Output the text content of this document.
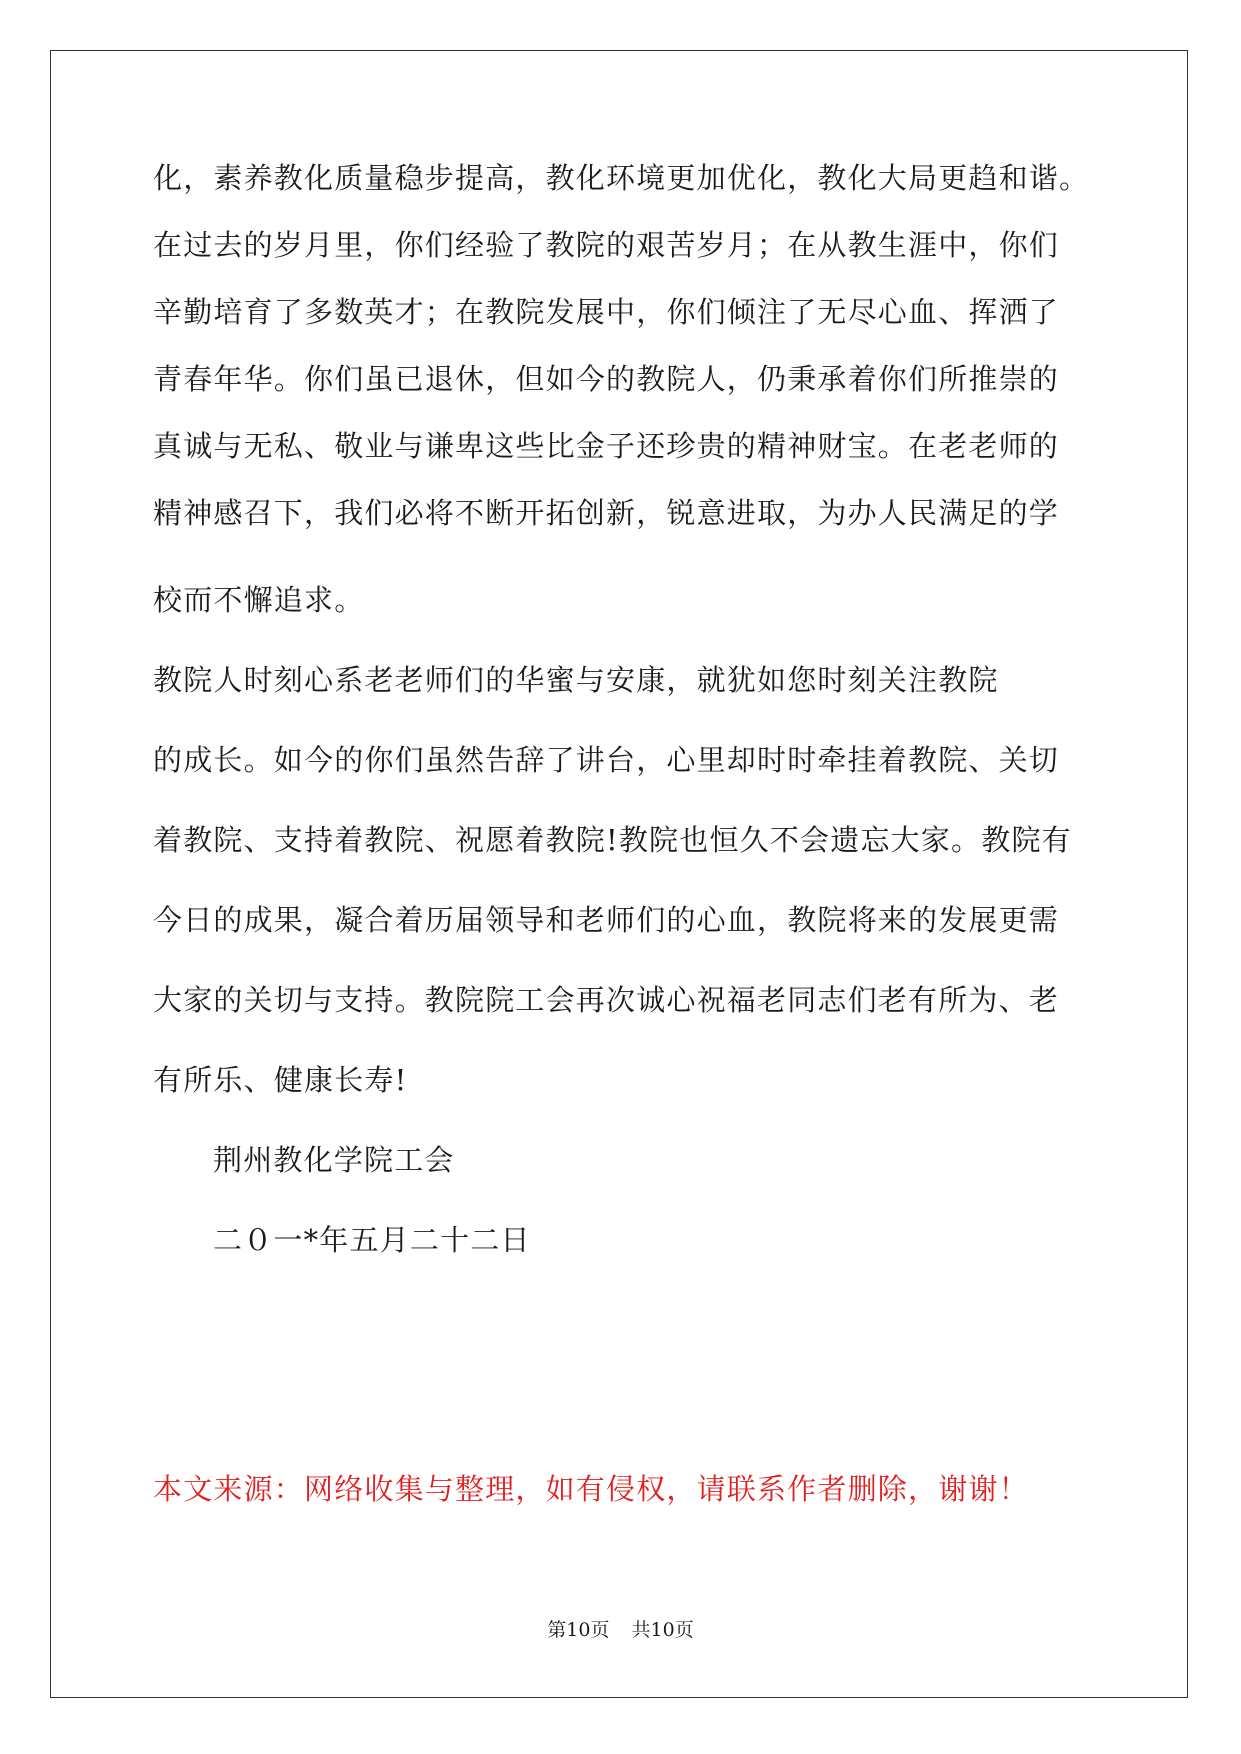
化，素养教化质量稳步提高，教化环境更加优化，教化大局更趋和谐。
在过去的岁月里，你们经验了教院的艰苦岁月；在从教生涯中，你们
辛勤培育了多数英才；在教院发展中，你们倾注了无尽心血、挥洒了
青春年华。你们虽已退休，但如今的教院人，仍秉承着你们所推崇的
真诚与无私、敬业与谦卑这些比金子还珍贵的精神财宝。在老老师的
精神感召下，我们必将不断开拓创新，锐意进取，为办人民满足的学
校而不懈追求。
教院人时刻心系老老师们的华蜜与安康，就犹如您时刻关注教院
的成长。如今的你们虽然告辞了讲台，心里却时时牵挂着教院、关切
着教院、支持着教院、祝愿着教院!教院也恒久不会遗忘大家。教院有
今日的成果，凝合着历届领导和老师们的心血，教院将来的发展更需
大家的关切与支持。教院院工会再次诚心祝福老同志们老有所为、老
有所乐、健康长寿!
荆州教化学院工会
二０一*年五月二十二日
本文来源：网络收集与整理，如有侵权，请联系作者删除，谢谢！
第10页 共10页
